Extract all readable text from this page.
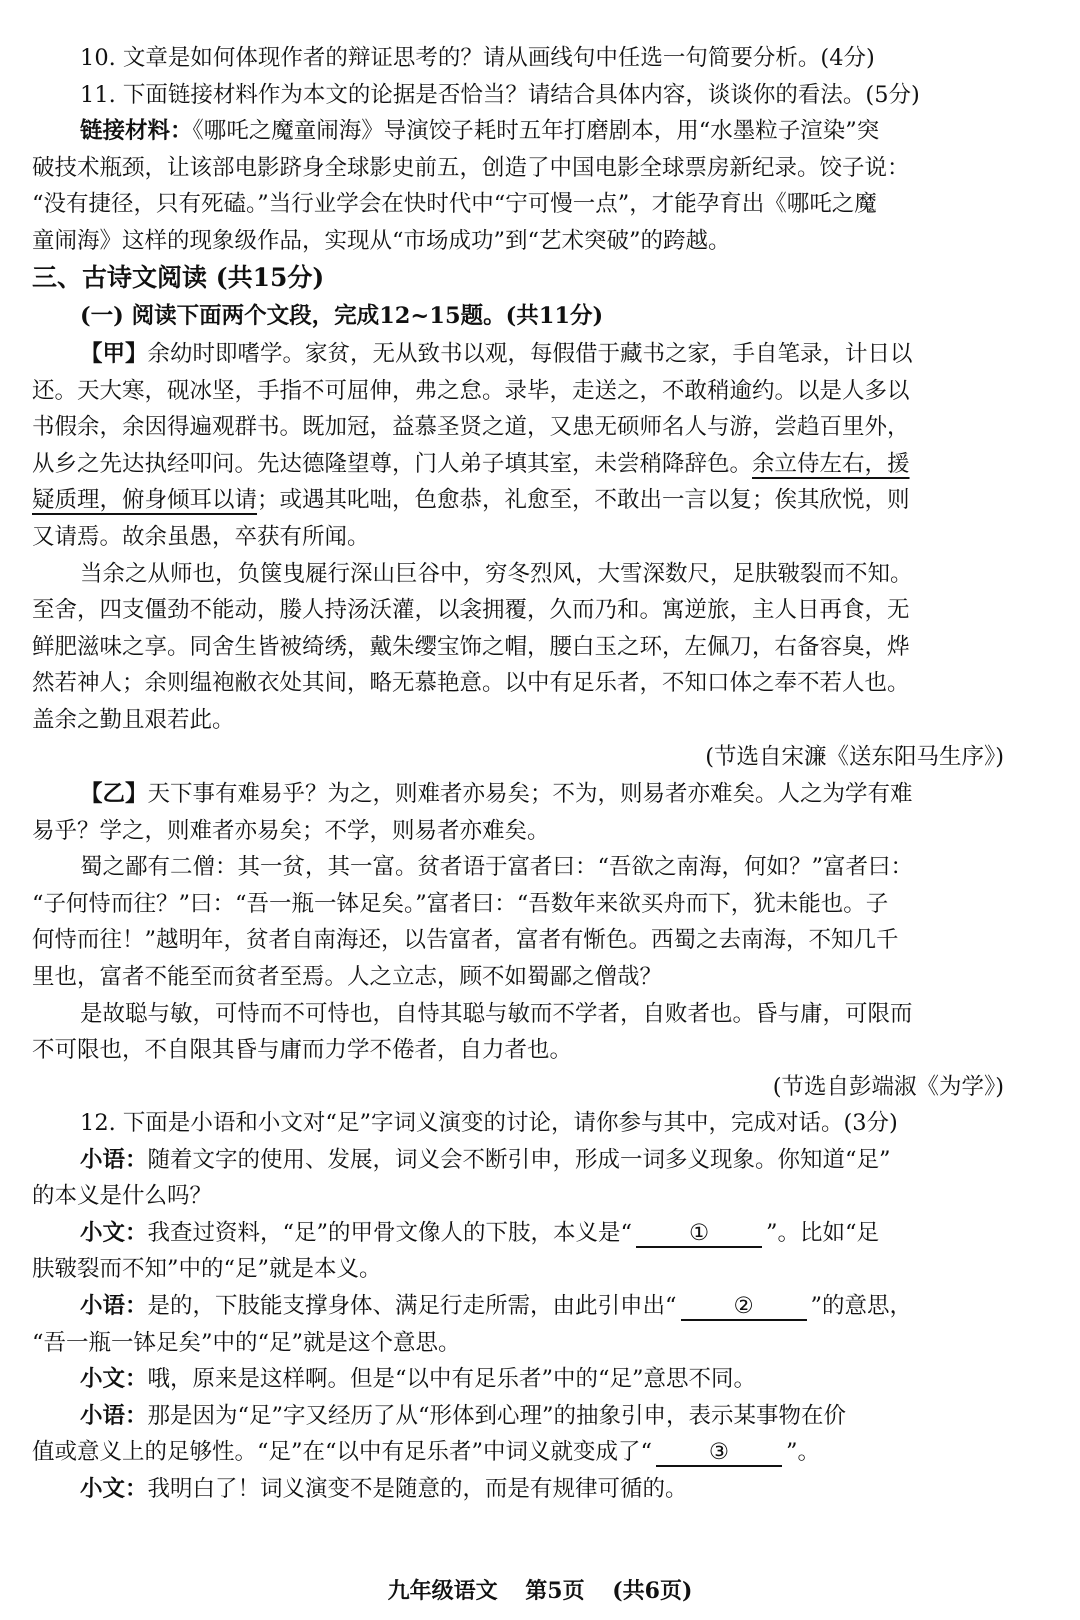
10. 文章是如何体现作者的辩证思考的？请从画线句中任选一句简要分析。(4分)
11. 下面链接材料作为本文的论据是否恰当？请结合具体内容，谈谈你的看法。(5分)
链接材料：《哪吒之魔童闹海》导演饺子耗时五年打磨剧本，用“水墨粒子渲染”突
破技术瓶颈，让该部电影跻身全球影史前五，创造了中国电影全球票房新纪录。饺子说：
“没有捷径，只有死磕。”当行业学会在快时代中“宁可慢一点”，才能孕育出《哪吒之魔
童闹海》这样的现象级作品，实现从“市场成功”到“艺术突破”的跨越。
三、古诗文阅读 (共15分)
(一) 阅读下面两个文段，完成12~15题。(共11分)
【甲】余幼时即嗜学。家贫，无从致书以观，每假借于藏书之家，手自笔录，计日以
还。天大寒，砚冰坚，手指不可屈伸，弗之怠。录毕，走送之，不敢稍逾约。以是人多以
书假余，余因得遍观群书。既加冠，益慕圣贤之道，又患无硕师名人与游，尝趋百里外，
从乡之先达执经叩问。先达德隆望尊，门人弟子填其室，未尝稍降辞色。余立侍左右，援
疑质理，俯身倾耳以请；或遇其叱咄，色愈恭，礼愈至，不敢出一言以复；俟其欣悦，则
又请焉。故余虽愚，卒获有所闻。
当余之从师也，负箧曳屣行深山巨谷中，穷冬烈风，大雪深数尺，足肤皲裂而不知。
至舍，四支僵劲不能动，媵人持汤沃灌，以衾拥覆，久而乃和。寓逆旅，主人日再食，无
鲜肥滋味之享。同舍生皆被绮绣，戴朱缨宝饰之帽，腰白玉之环，左佩刀，右备容臭，烨
然若神人；余则缊袍敝衣处其间，略无慕艳意。以中有足乐者，不知口体之奉不若人也。
盖余之勤且艰若此。
(节选自宋濂《送东阳马生序》)
【乙】天下事有难易乎？为之，则难者亦易矣；不为，则易者亦难矣。人之为学有难
易乎？学之，则难者亦易矣；不学，则易者亦难矣。
蜀之鄙有二僧：其一贫，其一富。贫者语于富者曰：“吾欲之南海，何如？”富者曰：
“子何恃而往？”曰：“吾一瓶一钵足矣。”富者曰：“吾数年来欲买舟而下，犹未能也。子
何恃而往！”越明年，贫者自南海还，以告富者，富者有惭色。西蜀之去南海，不知几千
里也，富者不能至而贫者至焉。人之立志，顾不如蜀鄙之僧哉？
是故聪与敏，可恃而不可恃也，自恃其聪与敏而不学者，自败者也。昏与庸，可限而
不可限也，不自限其昏与庸而力学不倦者，自力者也。
(节选自彭端淑《为学》)
12. 下面是小语和小文对“足”字词义演变的讨论，请你参与其中，完成对话。(3分)
小语：随着文字的使用、发展，词义会不断引申，形成一词多义现象。你知道“足”
的本义是什么吗？
小文：我查过资料，“足”的甲骨文像人的下肢，本义是“	①	”。比如“足
肤皲裂而不知”中的“足”就是本义。
小语：是的，下肢能支撑身体、满足行走所需，由此引申出“	②	”的意思，
“吾一瓶一钵足矣”中的“足”就是这个意思。
小文：哦，原来是这样啊。但是“以中有足乐者”中的“足”意思不同。
小语：那是因为“足”字又经历了从“形体到心理”的抽象引申，表示某事物在价
值或意义上的足够性。“足”在“以中有足乐者”中词义就变成了“	③	”。
小文：我明白了！词义演变不是随意的，而是有规律可循的。
九年级语文 第5页 (共6页)
